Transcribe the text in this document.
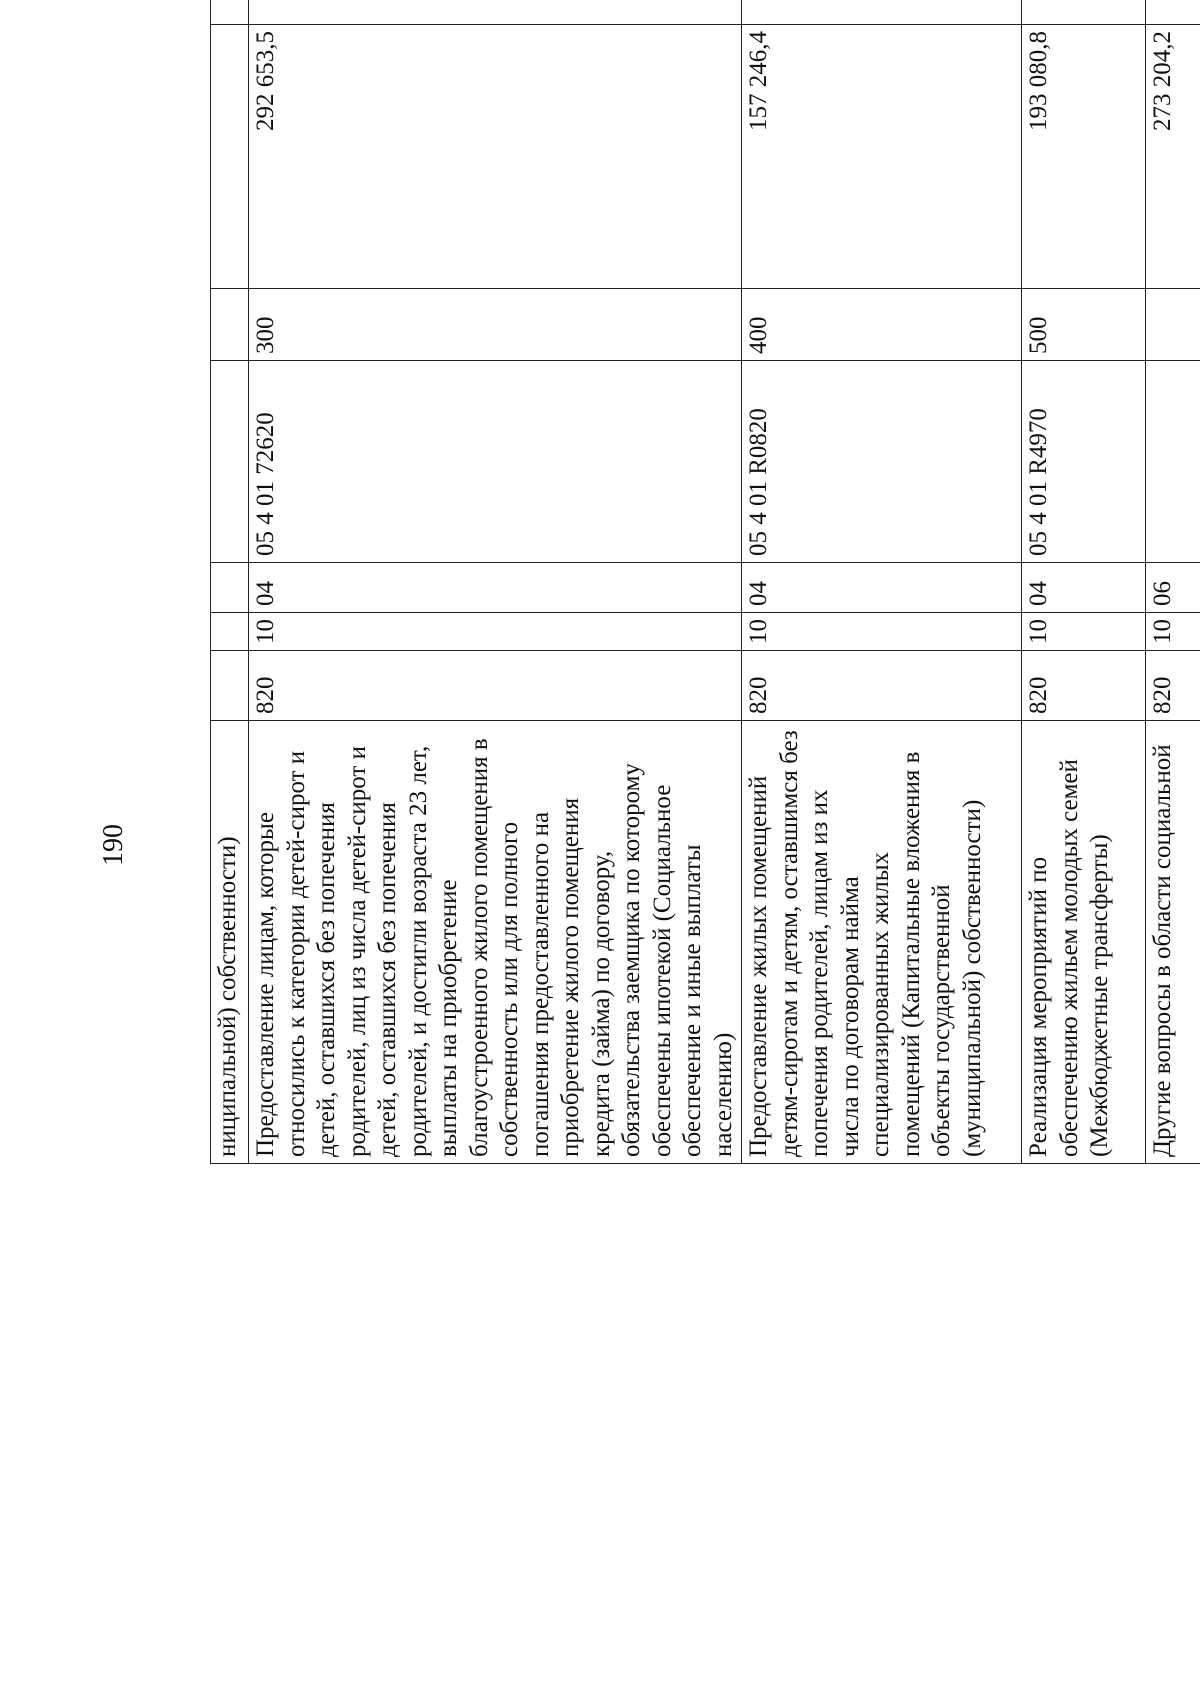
190	ниципальной) собственности)								
Предоставление лицам, которые относились к категории детей-сирот и детей, оставшихся без попечения родителей, лиц из числа детей-сирот и детей, оставшихся без попечения родителей, и достигли возраста 23 лет, выплаты на приобретение благоустроенного жилого помещения в собственность или для полного погашения предоставленного на приобретение жилого помещения кредита (займа) по договору, обязательства заемщика по которому обеспечены ипотекой (Социальное обеспечение и иные выплаты населению)	820	10	04	05 4 01 72620	300	292 653,5		
Предоставление жилых помещений детям-сиротам и детям, оставшимся без попечения родителей, лицам из их числа по договорам найма специализированных жилых помещений (Капитальные вложения в объекты государственной (муниципальной) собственности)	820	10	04	05 4 01 R0820	400	157 246,4		
Реализация мероприятий по обеспечению жильем молодых семей (Межбюджетные трансферты)	820	10	04	05 4 01 R4970	500	193 080,8		
Другие вопросы в области социальной	820	10	06			273 204,2		
